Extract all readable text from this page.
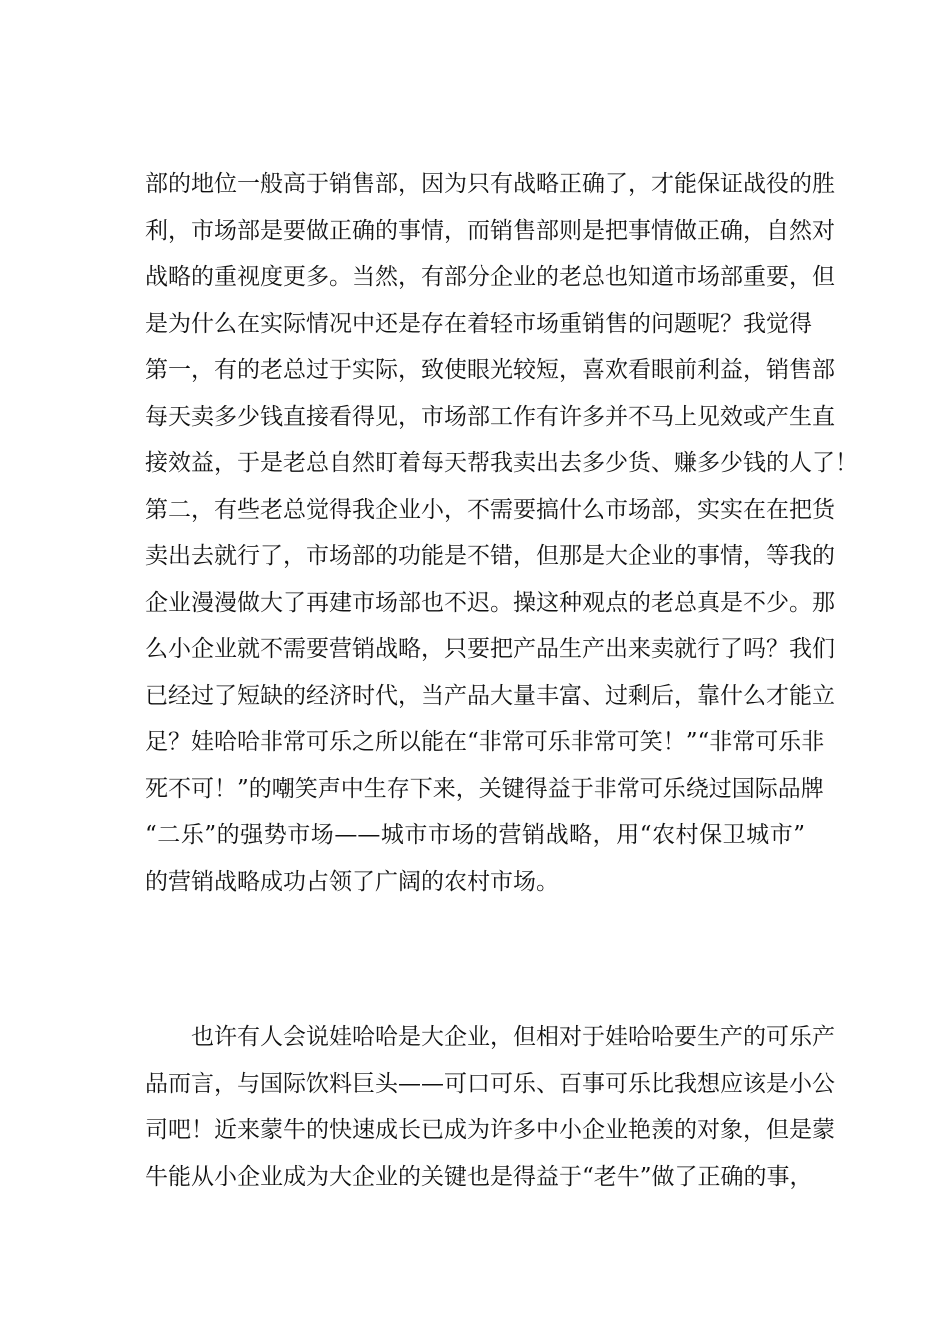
部的地位一般高于销售部，因为只有战略正确了，才能保证战役的胜
利，市场部是要做正确的事情，而销售部则是把事情做正确，自然对
战略的重视度更多。当然，有部分企业的老总也知道市场部重要，但
是为什么在实际情况中还是存在着轻市场重销售的问题呢？我觉得
第一，有的老总过于实际，致使眼光较短，喜欢看眼前利益，销售部
每天卖多少钱直接看得见，市场部工作有许多并不马上见效或产生直
接效益，于是老总自然盯着每天帮我卖出去多少货、赚多少钱的人了！
第二，有些老总觉得我企业小，不需要搞什么市场部，实实在在把货
卖出去就行了，市场部的功能是不错，但那是大企业的事情，等我的
企业漫漫做大了再建市场部也不迟。操这种观点的老总真是不少。那
么小企业就不需要营销战略，只要把产品生产出来卖就行了吗？我们
已经过了短缺的经济时代，当产品大量丰富、过剩后，靠什么才能立
足？娃哈哈非常可乐之所以能在“非常可乐非常可笑！”“非常可乐非
死不可！”的嘲笑声中生存下来，关键得益于非常可乐绕过国际品牌
“二乐”的强势市场——城市市场的营销战略，用“农村保卫城市”
的营销战略成功占领了广阔的农村市场。

　　也许有人会说娃哈哈是大企业，但相对于娃哈哈要生产的可乐产
品而言，与国际饮料巨头——可口可乐、百事可乐比我想应该是小公
司吧！近来蒙牛的快速成长已成为许多中小企业艳羡的对象，但是蒙
牛能从小企业成为大企业的关键也是得益于“老牛”做了正确的事，
